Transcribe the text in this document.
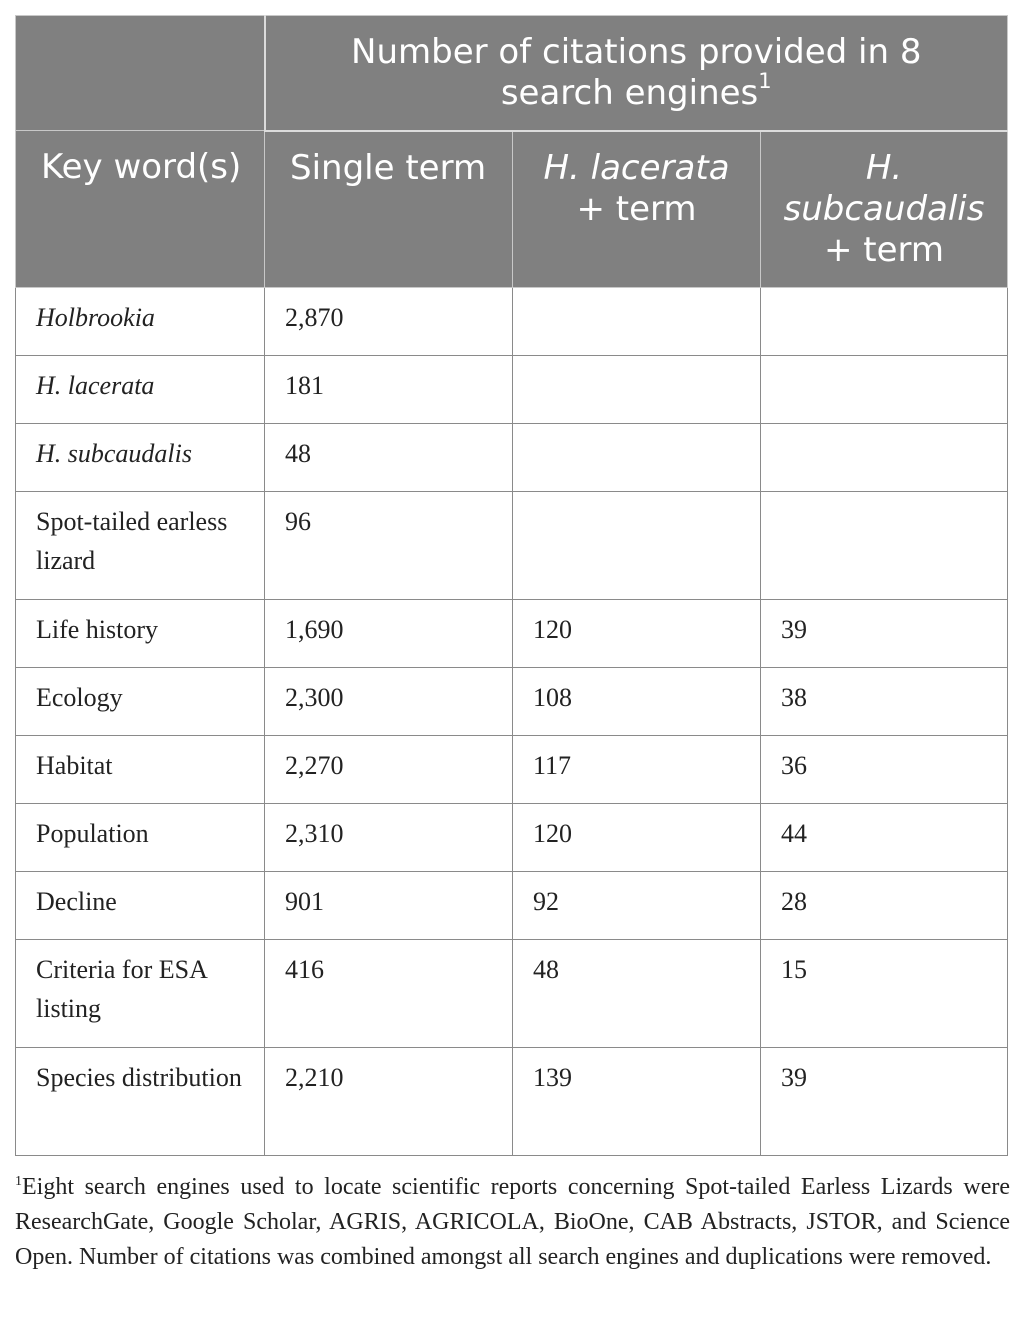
	Number of citations provided in 8 search engines$^1$
Key word(s)	Single term	H. lacerata + term	H. subcaudalis + term
Holbrookia	2,870		
H. lacerata	181		
H. subcaudalis	48		
Spot-tailed earless lizard	96		
Life history	1,690	120	39
Ecology	2,300	108	38
Habitat	2,270	117	36
Population	2,310	120	44
Decline	901	92	28
Criteria for ESA listing	416	48	15
Species distribution	2,210	139	39
$^1$Eight search engines used to locate scientific reports concerning Spot-tailed Earless Lizards were ResearchGate, Google Scholar, AGRIS, AGRICOLA, BioOne, CAB Abstracts, JSTOR, and Science Open. Number of citations was combined amongst all search engines and duplications were removed.
